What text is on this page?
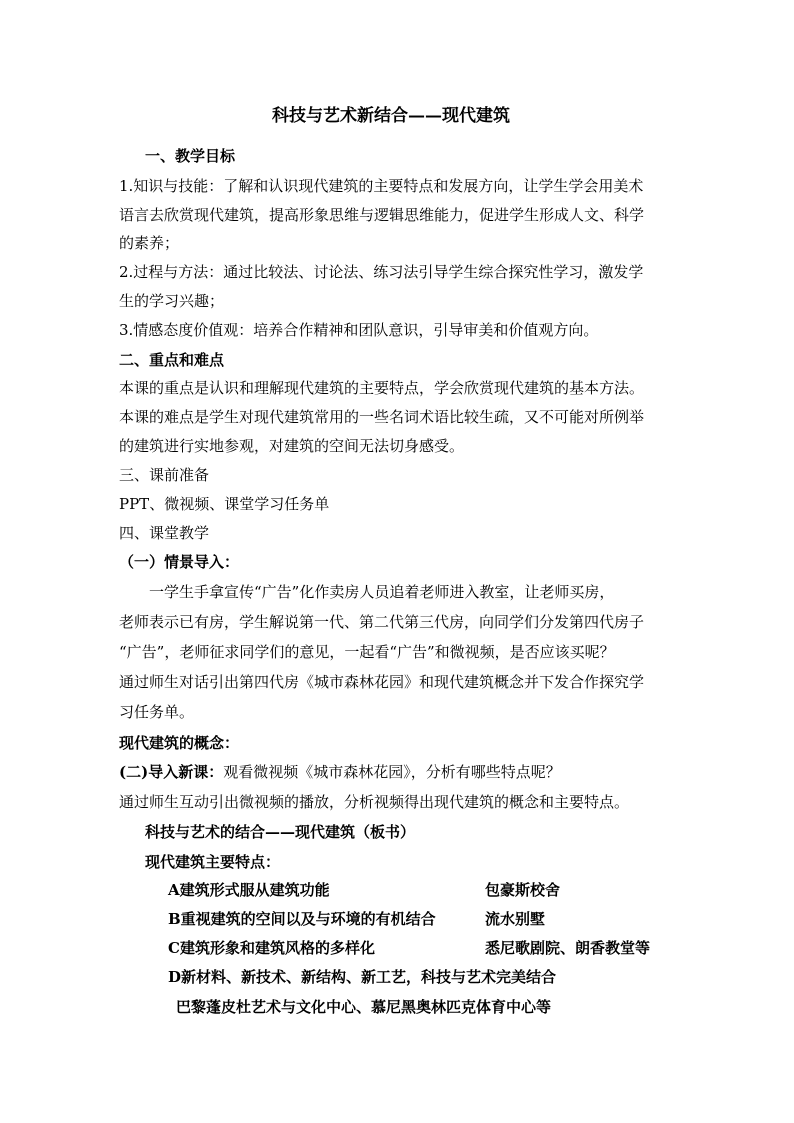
科技与艺术新结合——现代建筑
一、教学目标
1.知识与技能：了解和认识现代建筑的主要特点和发展方向，让学生学会用美术
语言去欣赏现代建筑，提高形象思维与逻辑思维能力，促进学生形成人文、科学
的素养；
2.过程与方法：通过比较法、讨论法、练习法引导学生综合探究性学习，激发学
生的学习兴趣；
3.情感态度价值观：培养合作精神和团队意识，引导审美和价值观方向。
二、重点和难点
本课的重点是认识和理解现代建筑的主要特点，学会欣赏现代建筑的基本方法。
本课的难点是学生对现代建筑常用的一些名词术语比较生疏，又不可能对所例举
的建筑进行实地参观，对建筑的空间无法切身感受。
三、课前准备
PPT、微视频、课堂学习任务单
四、课堂教学
（一）情景导入：
一学生手拿宣传“广告”化作卖房人员追着老师进入教室，让老师买房，
老师表示已有房，学生解说第一代、第二代第三代房，向同学们分发第四代房子
“广告”，老师征求同学们的意见，一起看“广告”和微视频，是否应该买呢？
通过师生对话引出第四代房《城市森林花园》和现代建筑概念并下发合作探究学
习任务单。
现代建筑的概念：
(二)导入新课：观看微视频《城市森林花园》，分析有哪些特点呢？
通过师生互动引出微视频的播放，分析视频得出现代建筑的概念和主要特点。
科技与艺术的结合——现代建筑（板书）
现代建筑主要特点：
A建筑形式服从建筑功能	包豪斯校舍
B重视建筑的空间以及与环境的有机结合	流水别墅
C建筑形象和建筑风格的多样化	悉尼歌剧院、朗香教堂等
D新材料、新技术、新结构、新工艺，科技与艺术完美结合
巴黎蓬皮杜艺术与文化中心、慕尼黑奥林匹克体育中心等
